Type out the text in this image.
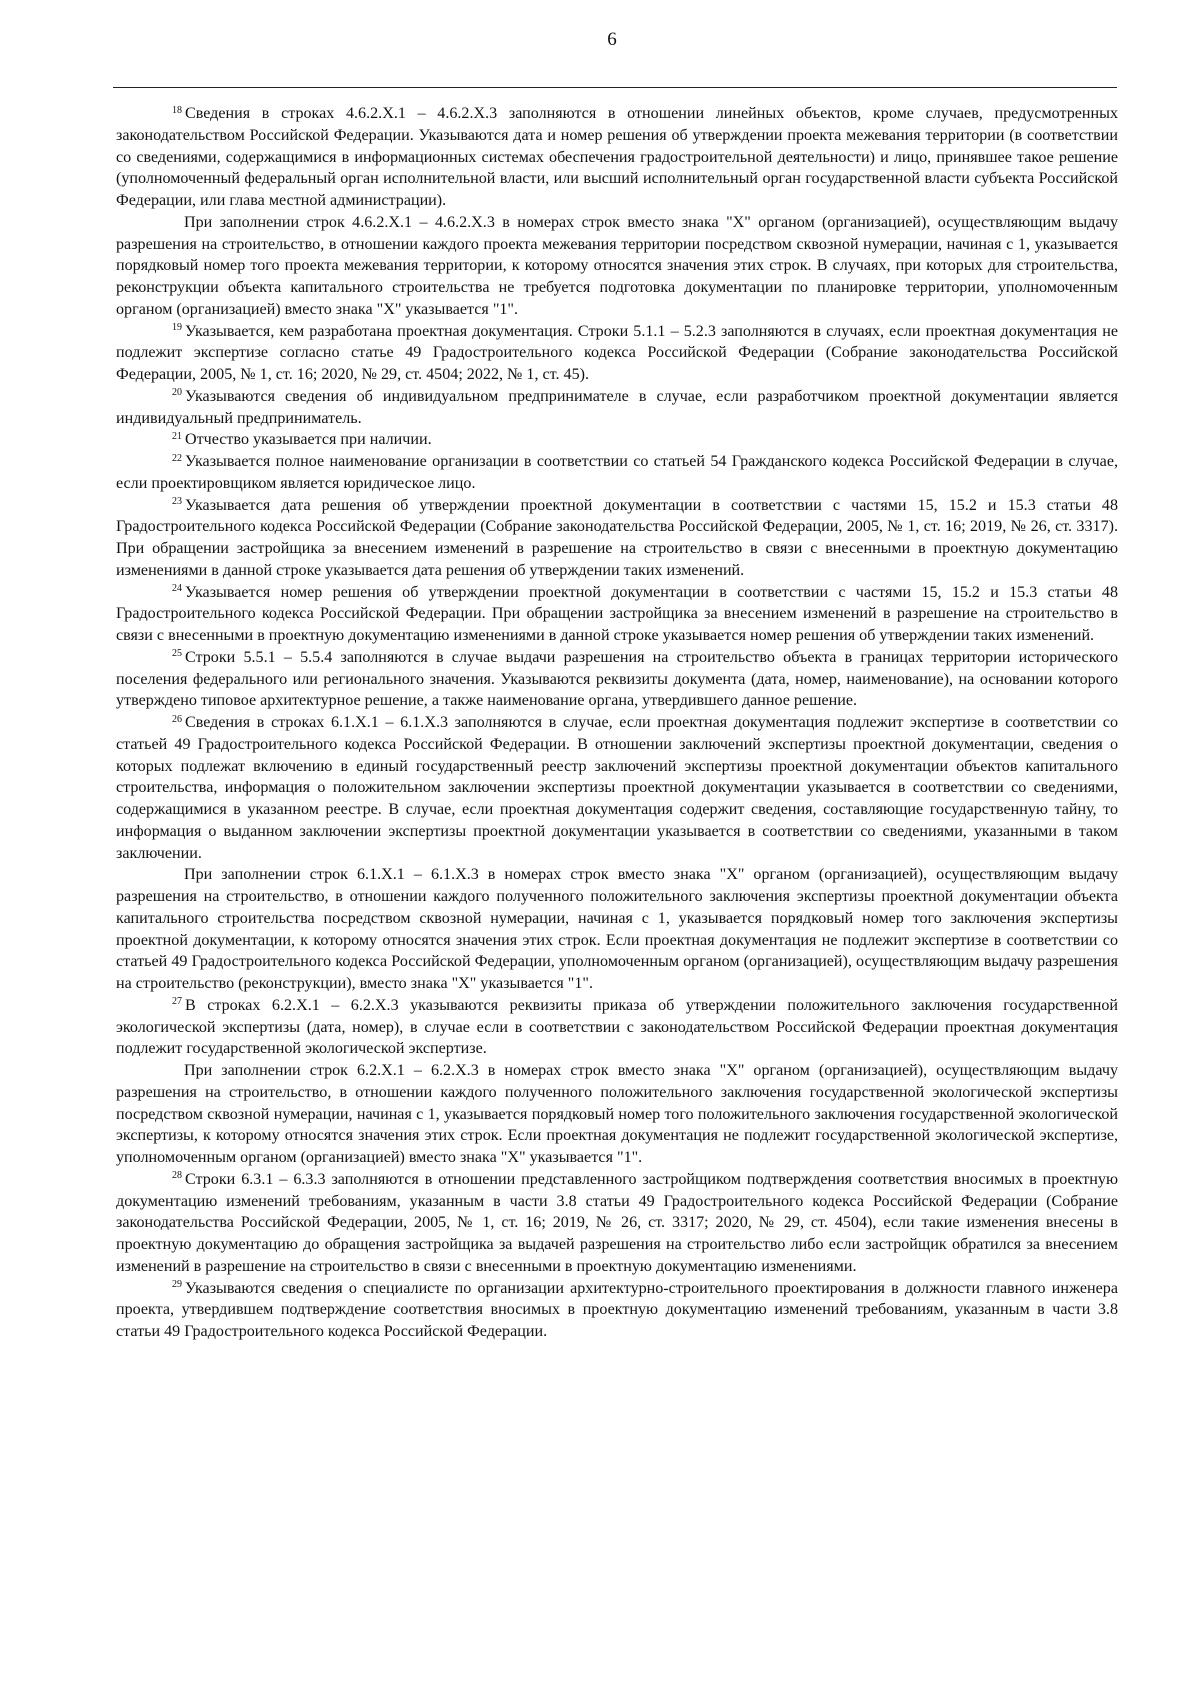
6

$^{18}$ Сведения в строках 4.6.2.X.1 – 4.6.2.X.3 заполняются в отношении линейных объектов, кроме случаев, предусмотренных законодательством Российской Федерации. Указываются дата и номер решения об утверждении проекта межевания территории (в соответствии со сведениями, содержащимися в информационных системах обеспечения градостроительной деятельности) и лицо, принявшее такое решение (уполномоченный федеральный орган исполнительной власти, или высший исполнительный орган государственной власти субъекта Российской Федерации, или глава местной администрации).

При заполнении строк 4.6.2.X.1 – 4.6.2.X.3 в номерах строк вместо знака "X" органом (организацией), осуществляющим выдачу разрешения на строительство, в отношении каждого проекта межевания территории посредством сквозной нумерации, начиная с 1, указывается порядковый номер того проекта межевания территории, к которому относятся значения этих строк. В случаях, при которых для строительства, реконструкции объекта капитального строительства не требуется подготовка документации по планировке территории, уполномоченным органом (организацией) вместо знака "X" указывается "1".

$^{19}$ Указывается, кем разработана проектная документация. Строки 5.1.1 – 5.2.3 заполняются в случаях, если проектная документация не подлежит экспертизе согласно статье 49 Градостроительного кодекса Российской Федерации (Собрание законодательства Российской Федерации, 2005, № 1, ст. 16; 2020, № 29, ст. 4504; 2022, № 1, ст. 45).

$^{20}$ Указываются сведения об индивидуальном предпринимателе в случае, если разработчиком проектной документации является индивидуальный предприниматель.

$^{21}$ Отчество указывается при наличии.

$^{22}$ Указывается полное наименование организации в соответствии со статьей 54 Гражданского кодекса Российской Федерации в случае, если проектировщиком является юридическое лицо.

$^{23}$ Указывается дата решения об утверждении проектной документации в соответствии с частями 15, 15.2 и 15.3 статьи 48 Градостроительного кодекса Российской Федерации (Собрание законодательства Российской Федерации, 2005, № 1, ст. 16; 2019, № 26, ст. 3317). При обращении застройщика за внесением изменений в разрешение на строительство в связи с внесенными в проектную документацию изменениями в данной строке указывается дата решения об утверждении таких изменений.

$^{24}$ Указывается номер решения об утверждении проектной документации в соответствии с частями 15, 15.2 и 15.3 статьи 48 Градостроительного кодекса Российской Федерации. При обращении застройщика за внесением изменений в разрешение на строительство в связи с внесенными в проектную документацию изменениями в данной строке указывается номер решения об утверждении таких изменений.

$^{25}$ Строки 5.5.1 – 5.5.4 заполняются в случае выдачи разрешения на строительство объекта в границах территории исторического поселения федерального или регионального значения. Указываются реквизиты документа (дата, номер, наименование), на основании которого утверждено типовое архитектурное решение, а также наименование органа, утвердившего данное решение.

$^{26}$ Сведения в строках 6.1.X.1 – 6.1.X.3 заполняются в случае, если проектная документация подлежит экспертизе в соответствии со статьей 49 Градостроительного кодекса Российской Федерации. В отношении заключений экспертизы проектной документации, сведения о которых подлежат включению в единый государственный реестр заключений экспертизы проектной документации объектов капитального строительства, информация о положительном заключении экспертизы проектной документации указывается в соответствии со сведениями, содержащимися в указанном реестре. В случае, если проектная документация содержит сведения, составляющие государственную тайну, то информация о выданном заключении экспертизы проектной документации указывается в соответствии со сведениями, указанными в таком заключении.

При заполнении строк 6.1.X.1 – 6.1.X.3 в номерах строк вместо знака "X" органом (организацией), осуществляющим выдачу разрешения на строительство, в отношении каждого полученного положительного заключения экспертизы проектной документации объекта капитального строительства посредством сквозной нумерации, начиная с 1, указывается порядковый номер того заключения экспертизы проектной документации, к которому относятся значения этих строк. Если проектная документация не подлежит экспертизе в соответствии со статьей 49 Градостроительного кодекса Российской Федерации, уполномоченным органом (организацией), осуществляющим выдачу разрешения на строительство (реконструкции), вместо знака "X" указывается "1".

$^{27}$ В строках 6.2.X.1 – 6.2.X.3 указываются реквизиты приказа об утверждении положительного заключения государственной экологической экспертизы (дата, номер), в случае если в соответствии с законодательством Российской Федерации проектная документация подлежит государственной экологической экспертизе.

При заполнении строк 6.2.X.1 – 6.2.X.3 в номерах строк вместо знака "X" органом (организацией), осуществляющим выдачу разрешения на строительство, в отношении каждого полученного положительного заключения государственной экологической экспертизы посредством сквозной нумерации, начиная с 1, указывается порядковый номер того положительного заключения государственной экологической экспертизы, к которому относятся значения этих строк. Если проектная документация не подлежит государственной экологической экспертизе, уполномоченным органом (организацией) вместо знака "X" указывается "1".

$^{28}$ Строки 6.3.1 – 6.3.3 заполняются в отношении представленного застройщиком подтверждения соответствия вносимых в проектную документацию изменений требованиям, указанным в части 3.8 статьи 49 Градостроительного кодекса Российской Федерации (Собрание законодательства Российской Федерации, 2005, № 1, ст. 16; 2019, № 26, ст. 3317; 2020, № 29, ст. 4504), если такие изменения внесены в проектную документацию до обращения застройщика за выдачей разрешения на строительство либо если застройщик обратился за внесением изменений в разрешение на строительство в связи с внесенными в проектную документацию изменениями.

$^{29}$ Указываются сведения о специалисте по организации архитектурно-строительного проектирования в должности главного инженера проекта, утвердившем подтверждение соответствия вносимых в проектную документацию изменений требованиям, указанным в части 3.8 статьи 49 Градостроительного кодекса Российской Федерации.
